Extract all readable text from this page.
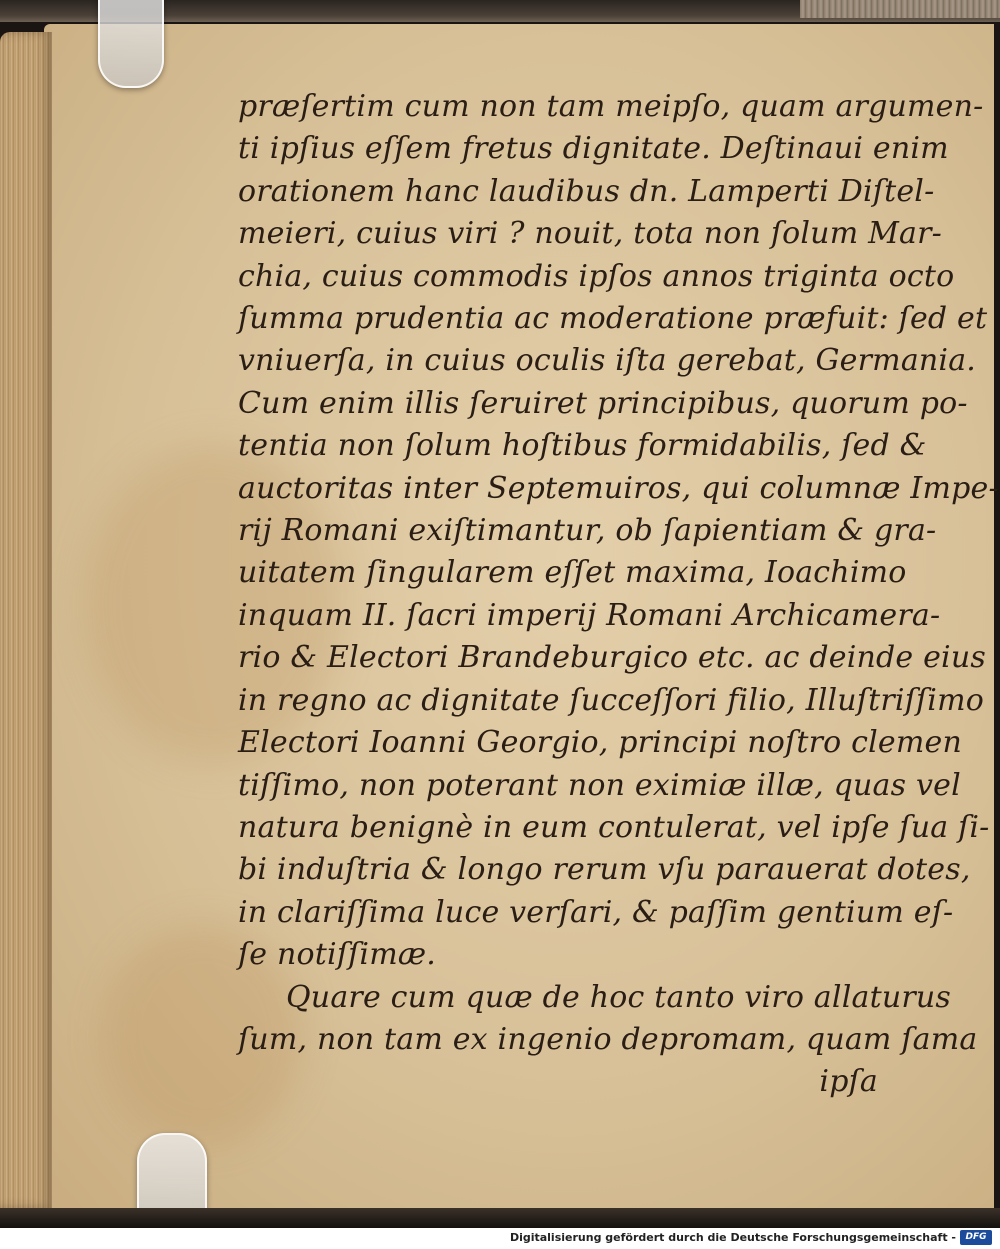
præſertim cum non tam meipſo, quam argumen-
ti ipſius eſſem fretus dignitate. Deſtinaui enim
orationem hanc laudibus dn. Lamperti Diſtel-
meieri, cuius viri ? nouit, tota non ſolum Mar-
chia, cuius commodis ipſos annos triginta octo
ſumma prudentia ac moderatione præfuit: ſed et
vniuerſa, in cuius oculis iſta gerebat, Germania.
Cum enim illis ſeruiret principibus, quorum po-
tentia non ſolum hoſtibus formidabilis, ſed &
auctoritas inter Septemuiros, qui columnæ Impe-
rij Romani exiſtimantur, ob ſapientiam & gra-
uitatem ſingularem eſſet maxima, Ioachimo
inquam II. ſacri imperij Romani Archicamera-
rio & Electori Brandeburgico etc. ac deinde eius
in regno ac dignitate ſucceſſori filio, Illuſtriſſimo
Electori Ioanni Georgio, principi noſtro clemen
tiſſimo, non poterant non eximiæ illæ, quas vel
natura benignè in eum contulerat, vel ipſe ſua ſi-
bi induſtria & longo rerum vſu parauerat dotes,
in clariſſima luce verſari, & paſſim gentium eſ-
ſe notiſſimæ.
Quare cum quæ de hoc tanto viro allaturus
ſum, non tam ex ingenio depromam, quam ſama
ipſa
Digitalisierung gefördert durch die Deutsche Forschungsgemeinschaft -	DFG
